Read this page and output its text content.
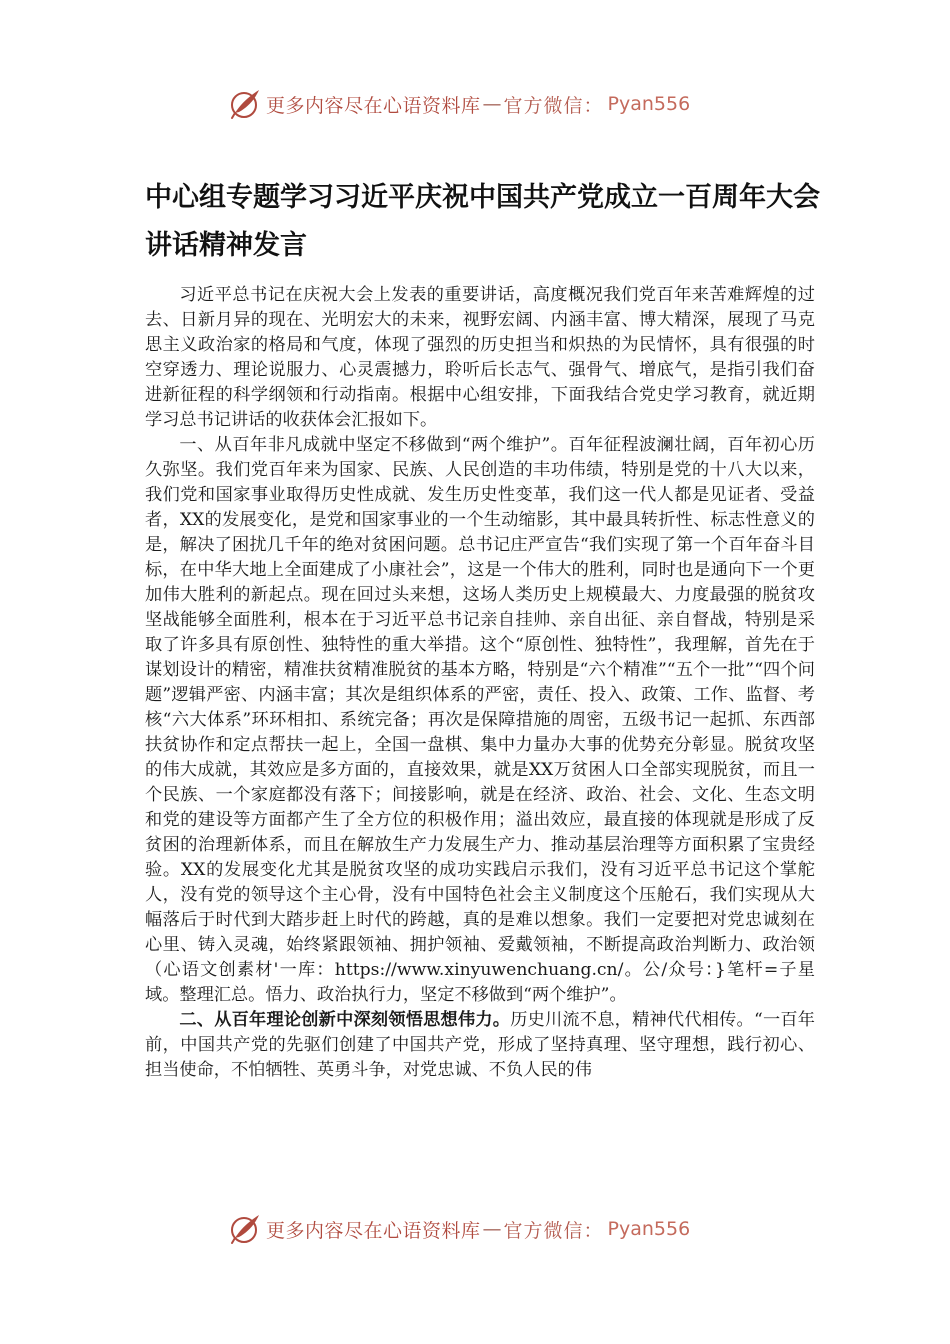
更多内容尽在心语资料库 — 官方微信： Pyan556
中心组专题学习习近平庆祝中国共产党成立一百周年大会讲话精神发言

习近平总书记在庆祝大会上发表的重要讲话，高度概况我们党百年来苦难辉煌的过去、日新月异的现在、光明宏大的未来，视野宏阔、内涵丰富、博大精深，展现了马克思主义政治家的格局和气度，体现了强烈的历史担当和炽热的为民情怀，具有很强的时空穿透力、理论说服力、心灵震撼力，聆听后长志气、强骨气、增底气，是指引我们奋进新征程的科学纲领和行动指南。根据中心组安排，下面我结合党史学习教育，就近期学习总书记讲话的收获体会汇报如下。

一、从百年非凡成就中坚定不移做到“两个维护”。百年征程波澜壮阔，百年初心历久弥坚。我们党百年来为国家、民族、人民创造的丰功伟绩，特别是党的十八大以来，我们党和国家事业取得历史性成就、发生历史性变革，我们这一代人都是见证者、受益者，XX的发展变化，是党和国家事业的一个生动缩影，其中最具转折性、标志性意义的是，解决了困扰几千年的绝对贫困问题。总书记庄严宣告“我们实现了第一个百年奋斗目标，在中华大地上全面建成了小康社会”，这是一个伟大的胜利，同时也是通向下一个更加伟大胜利的新起点。现在回过头来想，这场人类历史上规模最大、力度最强的脱贫攻坚战能够全面胜利，根本在于习近平总书记亲自挂帅、亲自出征、亲自督战，特别是采取了许多具有原创性、独特性的重大举措。这个“原创性、独特性”，我理解，首先在于谋划设计的精密，精准扶贫精准脱贫的基本方略，特别是“六个精准”“五个一批”“四个问题”逻辑严密、内涵丰富；其次是组织体系的严密，责任、投入、政策、工作、监督、考核“六大体系”环环相扣、系统完备；再次是保障措施的周密，五级书记一起抓、东西部扶贫协作和定点帮扶一起上，全国一盘棋、集中力量办大事的优势充分彰显。脱贫攻坚的伟大成就，其效应是多方面的，直接效果，就是XX万贫困人口全部实现脱贫，而且一个民族、一个家庭都没有落下；间接影响，就是在经济、政治、社会、文化、生态文明和党的建设等方面都产生了全方位的积极作用；溢出效应，最直接的体现就是形成了反贫困的治理新体系，而且在解放生产力发展生产力、推动基层治理等方面积累了宝贵经验。XX的发展变化尤其是脱贫攻坚的成功实践启示我们，没有习近平总书记这个掌舵人，没有党的领导这个主心骨，没有中国特色社会主义制度这个压舱石，我们实现从大幅落后于时代到大踏步赶上时代的跨越，真的是难以想象。我们一定要把对党忠诚刻在心里、铸入灵魂，始终紧跟领袖、拥护领袖、爱戴领袖，不断提高政治判断力、政治领（心语文创素材'一库：https://www.xinyuwenchuang.cn/。公/众号：}笔杆=子星域。整理汇总。悟力、政治执行力，坚定不移做到“两个维护”。

二、从百年理论创新中深刻领悟思想伟力。历史川流不息，精神代代相传。“一百年前，中国共产党的先驱们创建了中国共产党，形成了坚持真理、坚守理想，践行初心、担当使命，不怕牺牲、英勇斗争，对党忠诚、不负人民的伟

更多内容尽在心语资料库 — 官方微信： Pyan556
